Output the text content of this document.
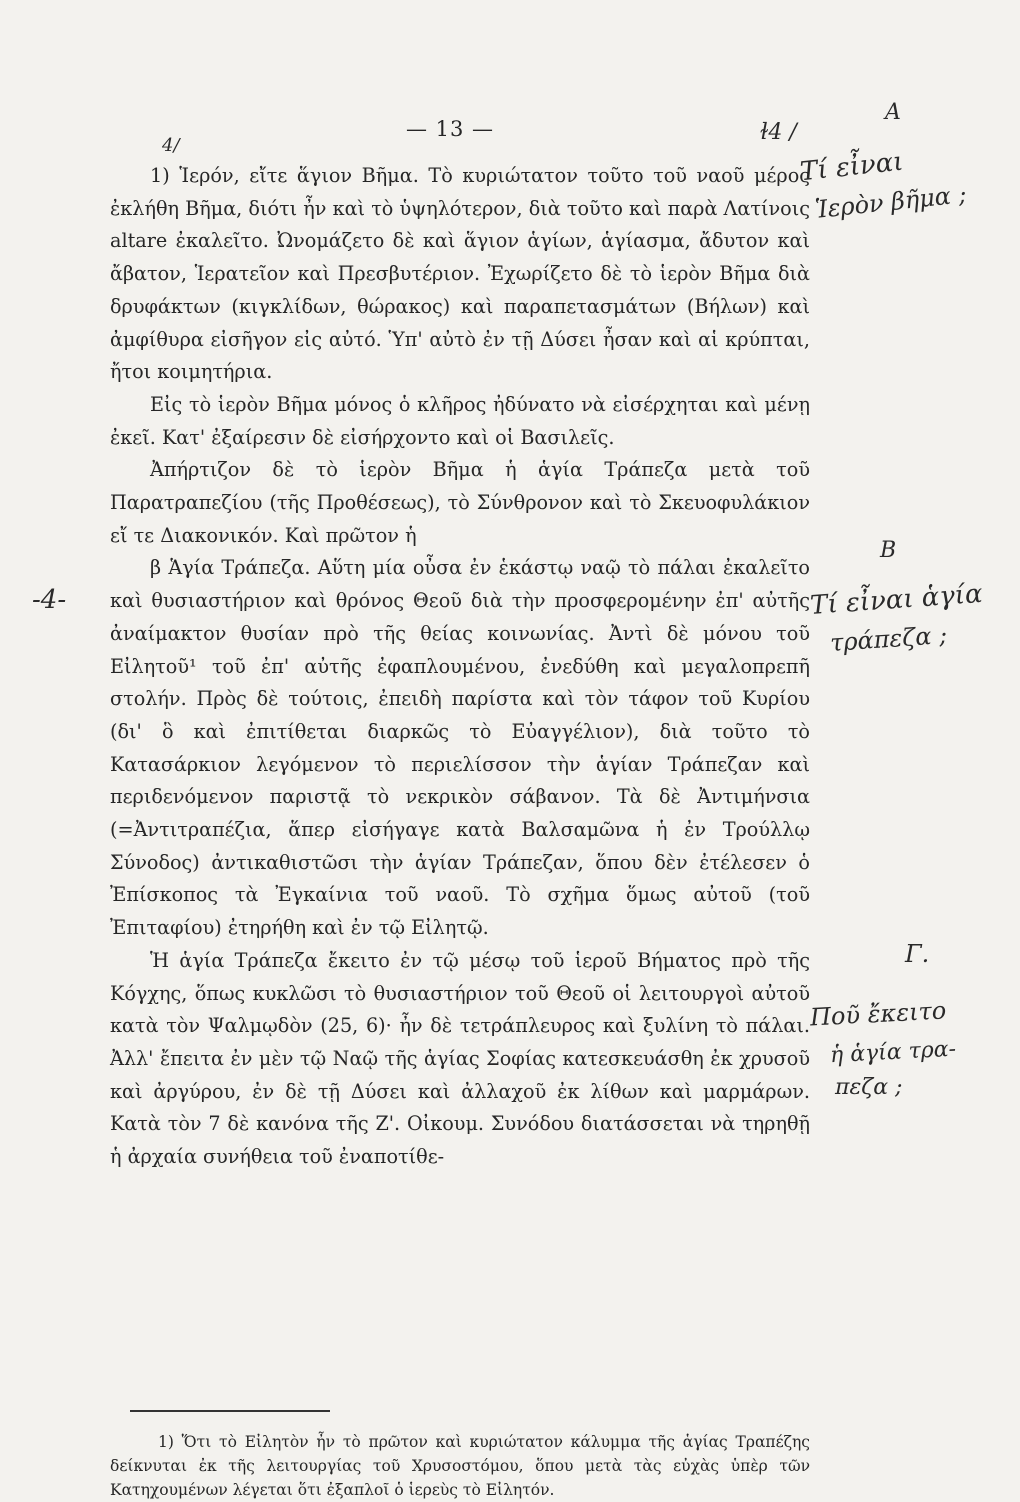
— 13 —
A
4/
ɫ4 /
Τί εἶναι
Ἱερὸν βῆμα ;
B
Τί εἶναι ἁγία
τράπεζα ;
-4-
Γ.
Ποῦ ἔκειτο
ἡ ἁγία τρα-
πεζα ;

1) Ἱερόν, εἴτε ἅγιον Βῆμα. Τὸ κυριώτατον τοῦτο τοῦ ναοῦ μέρος ἐκλήθη Βῆμα, διότι ἦν καὶ τὸ ὑψηλότερον, διὰ τοῦτο καὶ παρὰ Λατίνοις altare ἐκαλεῖτο. Ὠνομάζετο δὲ καὶ ἅγιον ἁγίων, ἁγίασμα, ἄδυτον καὶ ἄβατον, Ἱερατεῖον καὶ Πρεσβυτέριον. Ἐχωρίζετο δὲ τὸ ἱερὸν Βῆμα διὰ δρυφάκτων (κιγκλίδων, θώρακος) καὶ παραπετασμάτων (Βήλων) καὶ ἀμφίθυρα εἰσῆγον εἰς αὐτό. Ὑπ' αὐτὸ ἐν τῇ Δύσει ἦσαν καὶ αἱ κρύπται, ἤτοι κοιμητήρια.

Εἰς τὸ ἱερὸν Βῆμα μόνος ὁ κλῆρος ἠδύνατο νὰ εἰσέρχηται καὶ μένῃ ἐκεῖ. Κατ' ἐξαίρεσιν δὲ εἰσήρχοντο καὶ οἱ Βασιλεῖς.

Ἀπήρτιζον δὲ τὸ ἱερὸν Βῆμα ἡ ἁγία Τράπεζα μετὰ τοῦ Παρατραπεζίου (τῆς Προθέσεως), τὸ Σύνθρονον καὶ τὸ Σκευοφυλάκιον εἴ τε Διακονικόν. Καὶ πρῶτον ἡ

β Ἁγία Τράπεζα. Αὕτη μία οὖσα ἐν ἑκάστῳ ναῷ τὸ πάλαι ἐκαλεῖτο καὶ θυσιαστήριον καὶ θρόνος Θεοῦ διὰ τὴν προσφερομένην ἐπ' αὐτῆς ἀναίμακτον θυσίαν πρὸ τῆς θείας κοινωνίας. Ἀντὶ δὲ μόνου τοῦ Εἰλητοῦ¹ τοῦ ἐπ' αὐτῆς ἐφαπλουμένου, ἐνεδύθη καὶ μεγαλοπρεπῆ στολήν. Πρὸς δὲ τούτοις, ἐπειδὴ παρίστα καὶ τὸν τάφον τοῦ Κυρίου (δι' ὃ καὶ ἐπιτίθεται διαρκῶς τὸ Εὐαγγέλιον), διὰ τοῦτο τὸ Κατασάρκιον λεγόμενον τὸ περιελίσσον τὴν ἁγίαν Τράπεζαν καὶ περιδενόμενον παριστᾷ τὸ νεκρικὸν σάβανον. Τὰ δὲ Ἀντιμήνσια (=Ἀντιτραπέζια, ἅπερ εἰσήγαγε κατὰ Βαλσαμῶνα ἡ ἐν Τρούλλῳ Σύνοδος) ἀντικαθιστῶσι τὴν ἁγίαν Τράπεζαν, ὅπου δὲν ἐτέλεσεν ὁ Ἐπίσκοπος τὰ Ἐγκαίνια τοῦ ναοῦ. Τὸ σχῆμα ὅμως αὐτοῦ (τοῦ Ἐπιταφίου) ἐτηρήθη καὶ ἐν τῷ Εἰλητῷ.

Ἡ ἁγία Τράπεζα ἔκειτο ἐν τῷ μέσῳ τοῦ ἱεροῦ Βήματος πρὸ τῆς Κόγχης, ὅπως κυκλῶσι τὸ θυσιαστήριον τοῦ Θεοῦ οἱ λειτουργοὶ αὐτοῦ κατὰ τὸν Ψαλμῳδὸν (25, 6)· ἦν δὲ τετράπλευρος καὶ ξυλίνη τὸ πάλαι. Ἀλλ' ἔπειτα ἐν μὲν τῷ Ναῷ τῆς ἁγίας Σοφίας κατεσκευάσθη ἐκ χρυσοῦ καὶ ἀργύρου, ἐν δὲ τῇ Δύσει καὶ ἀλλαχοῦ ἐκ λίθων καὶ μαρμάρων. Κατὰ τὸν 7 δὲ κανόνα τῆς Ζ'. Οἰκουμ. Συνόδου διατάσσεται νὰ τηρηθῇ ἡ ἀρχαία συνήθεια τοῦ ἐναποτίθε-

1) Ὅτι τὸ Εἰλητὸν ἦν τὸ πρῶτον καὶ κυριώτατον κάλυμμα τῆς ἁγίας Τραπέζης δείκνυται ἐκ τῆς λειτουργίας τοῦ Χρυσοστόμου, ὅπου μετὰ τὰς εὐχὰς ὑπὲρ τῶν Κατηχουμένων λέγεται ὅτι ἐξαπλοῖ ὁ ἱερεὺς τὸ Εἰλητόν.
